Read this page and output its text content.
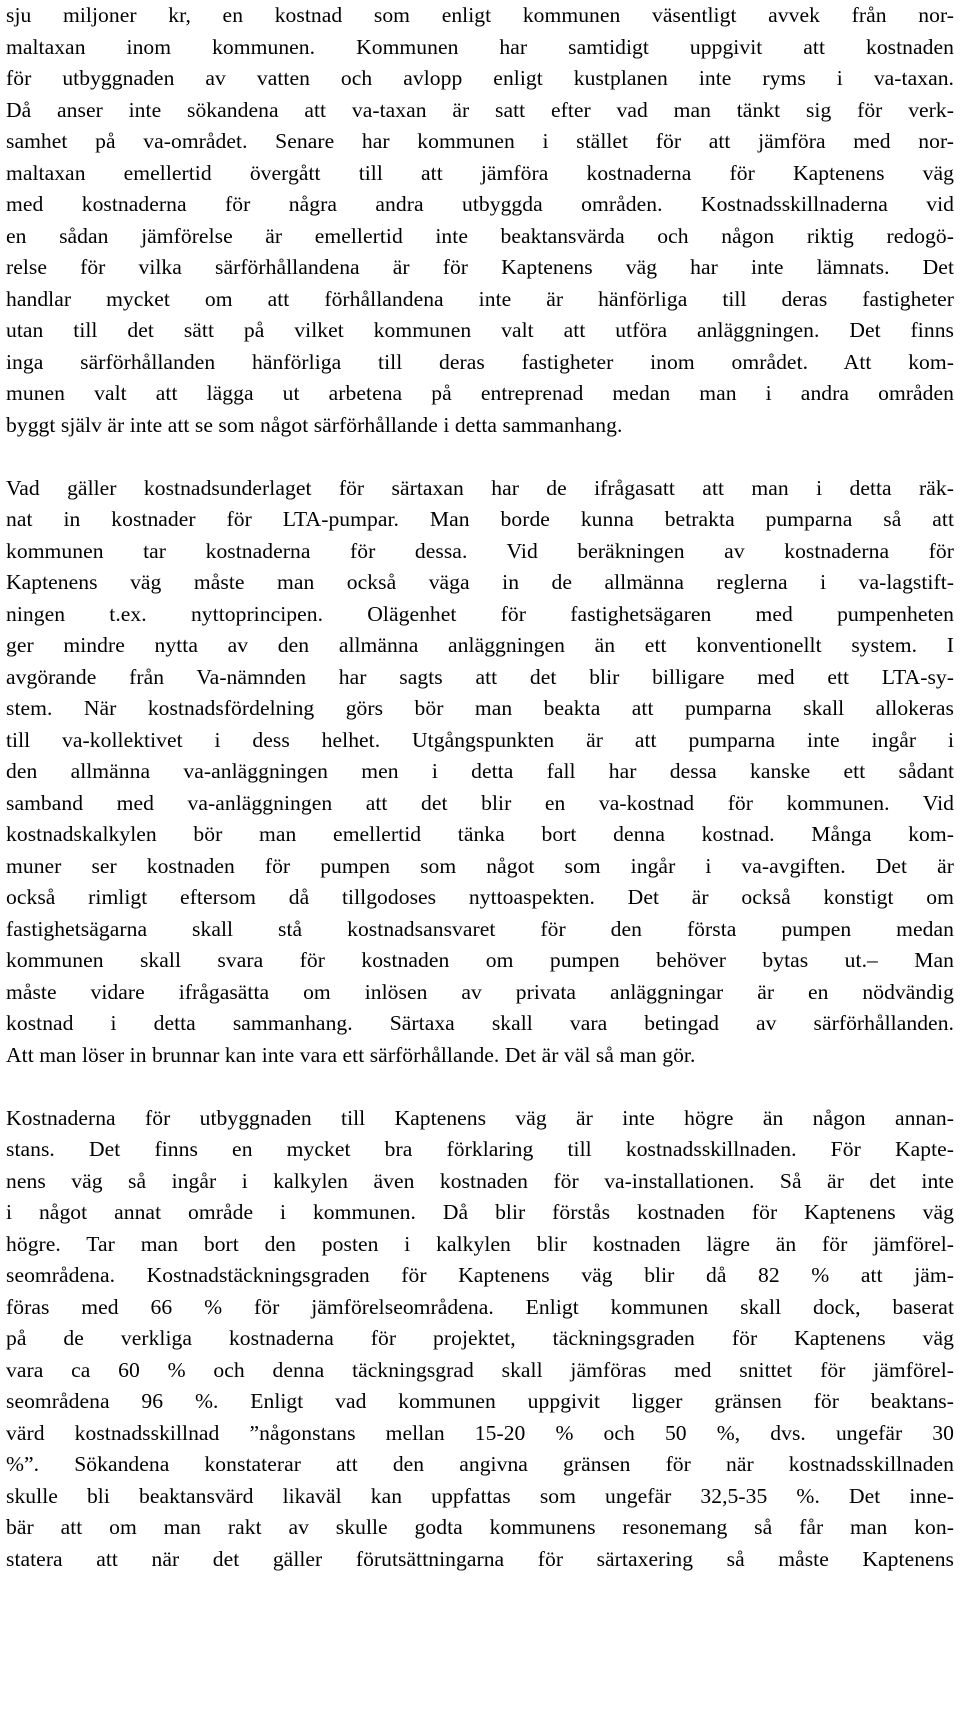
sju miljoner kr, en kostnad som enligt kommunen väsentligt avvek från nor-
maltaxan inom kommunen. Kommunen har samtidigt uppgivit att kostnaden
för utbyggnaden av vatten och avlopp enligt kustplanen inte ryms i va-taxan.
Då anser inte sökandena att va-taxan är satt efter vad man tänkt sig för verk-
samhet på va-området. Senare har kommunen i stället för att jämföra med nor-
maltaxan emellertid övergått till att jämföra kostnaderna för Kaptenens väg
med kostnaderna för några andra utbyggda områden. Kostnadsskillnaderna vid
en sådan jämförelse är emellertid inte beaktansvärda och någon riktig redogö-
relse för vilka särförhållandena är för Kaptenens väg har inte lämnats. Det
handlar mycket om att förhållandena inte är hänförliga till deras fastigheter
utan till det sätt på vilket kommunen valt att utföra anläggningen. Det finns
inga särförhållanden hänförliga till deras fastigheter inom området. Att kom-
munen valt att lägga ut arbetena på entreprenad medan man i andra områden
byggt själv är inte att se som något särförhållande i detta sammanhang.
Vad gäller kostnadsunderlaget för särtaxan har de ifrågasatt att man i detta räk-
nat in kostnader för LTA-pumpar. Man borde kunna betrakta pumparna så att
kommunen tar kostnaderna för dessa. Vid beräkningen av kostnaderna för
Kaptenens väg måste man också väga in de allmänna reglerna i va-lagstift-
ningen t.ex. nyttoprincipen. Olägenhet för fastighetsägaren med pumpenheten
ger mindre nytta av den allmänna anläggningen än ett konventionellt system. I
avgörande från Va-nämnden har sagts att det blir billigare med ett LTA-sy-
stem. När kostnadsfördelning görs bör man beakta att pumparna skall allokeras
till va-kollektivet i dess helhet. Utgångspunkten är att pumparna inte ingår i
den allmänna va-anläggningen men i detta fall har dessa kanske ett sådant
samband med va-anläggningen att det blir en va-kostnad för kommunen. Vid
kostnadskalkylen bör man emellertid tänka bort denna kostnad. Många kom-
muner ser kostnaden för pumpen som något som ingår i va-avgiften. Det är
också rimligt eftersom då tillgodoses nyttoaspekten. Det är också konstigt om
fastighetsägarna skall stå kostnadsansvaret för den första pumpen medan
kommunen skall svara för kostnaden om pumpen behöver bytas ut.– Man
måste vidare ifrågasätta om inlösen av privata anläggningar är en nödvändig
kostnad i detta sammanhang. Särtaxa skall vara betingad av särförhållanden.
Att man löser in brunnar kan inte vara ett särförhållande. Det är väl så man gör.
Kostnaderna för utbyggnaden till Kaptenens väg är inte högre än någon annan-
stans. Det finns en mycket bra förklaring till kostnadsskillnaden. För Kapte-
nens väg så ingår i kalkylen även kostnaden för va-installationen. Så är det inte
i något annat område i kommunen. Då blir förstås kostnaden för Kaptenens väg
högre. Tar man bort den posten i kalkylen blir kostnaden lägre än för jämförel-
seområdena. Kostnadstäckningsgraden för Kaptenens väg blir då 82 % att jäm-
föras med 66 % för jämförelseområdena. Enligt kommunen skall dock, baserat
på de verkliga kostnaderna för projektet, täckningsgraden för Kaptenens väg
vara ca 60 % och denna täckningsgrad skall jämföras med snittet för jämförel-
seområdena 96 %. Enligt vad kommunen uppgivit ligger gränsen för beaktans-
värd kostnadsskillnad ”någonstans mellan 15-20 % och 50 %, dvs. ungefär 30
%”. Sökandena konstaterar att den angivna gränsen för när kostnadsskillnaden
skulle bli beaktansvärd likaväl kan uppfattas som ungefär 32,5-35 %. Det inne-
bär att om man rakt av skulle godta kommunens resonemang så får man kon-
statera att när det gäller förutsättningarna för särtaxering så måste Kaptenens
